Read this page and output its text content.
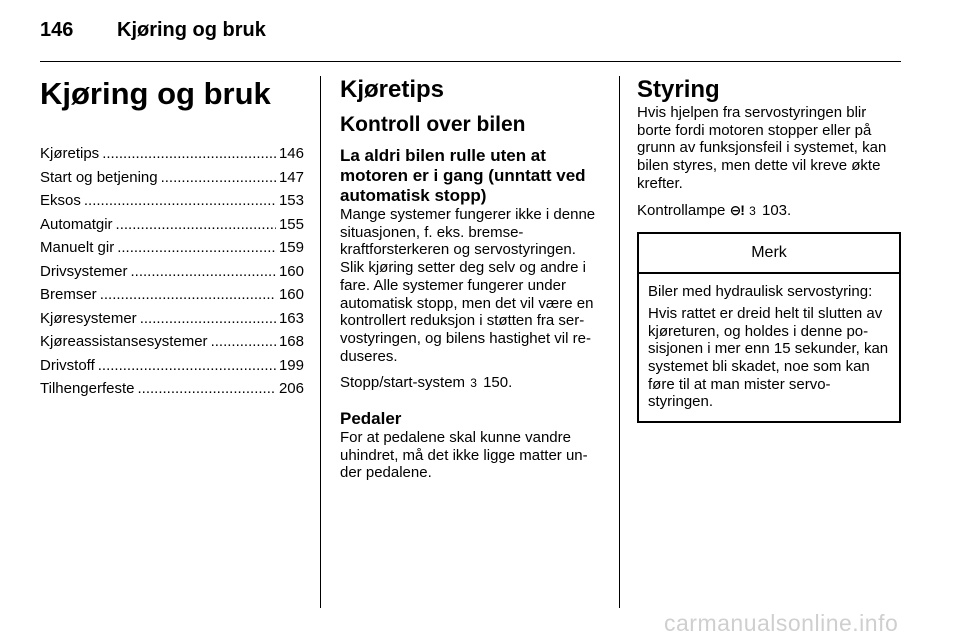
146 Kjøring og bruk
Kjøring og bruk
Kjøretips .....	146
Start og betjening .....	147
Eksos .....	153
Automatgir .....	155
Manuelt gir .....	159
Drivsystemer .....	160
Bremser .....	160
Kjøresystemer .....	163
Kjøreassistansesystemer .....	168
Drivstoff .....	199
Tilhengerfeste .....	206
Kjøretips
Kontroll over bilen
La aldri bilen rulle uten at motoren er i gang (unntatt ved automatisk stopp)

Mange systemer fungerer ikke i denne situasjonen, f. eks. bremse-kraftforsterkeren og servostyringen. Slik kjøring setter deg selv og andre i fare. Alle systemer fungerer under automatisk stopp, men det vil være en kontrollert reduksjon i støtten fra ser-vostyringen, og bilens hastighet vil re-duseres.

Stopp/start-system 3 150.

Pedaler

For at pedalene skal kunne vandre uhindret, må det ikke ligge matter un-der pedalene.

Styring

Hvis hjelpen fra servostyringen blir borte fordi motoren stopper eller på grunn av funksjonsfeil i systemet, kan bilen styres, men dette vil kreve økte krefter.

Kontrollampe ⊖! 3 103.

Merk

Biler med hydraulisk servostyring:

Hvis rattet er dreid helt til slutten av kjøreturen, og holdes i denne po-sisjonen i mer enn 15 sekunder, kan systemet bli skadet, noe som kan føre til at man mister servo-styringen.

carmanualsonline.info
